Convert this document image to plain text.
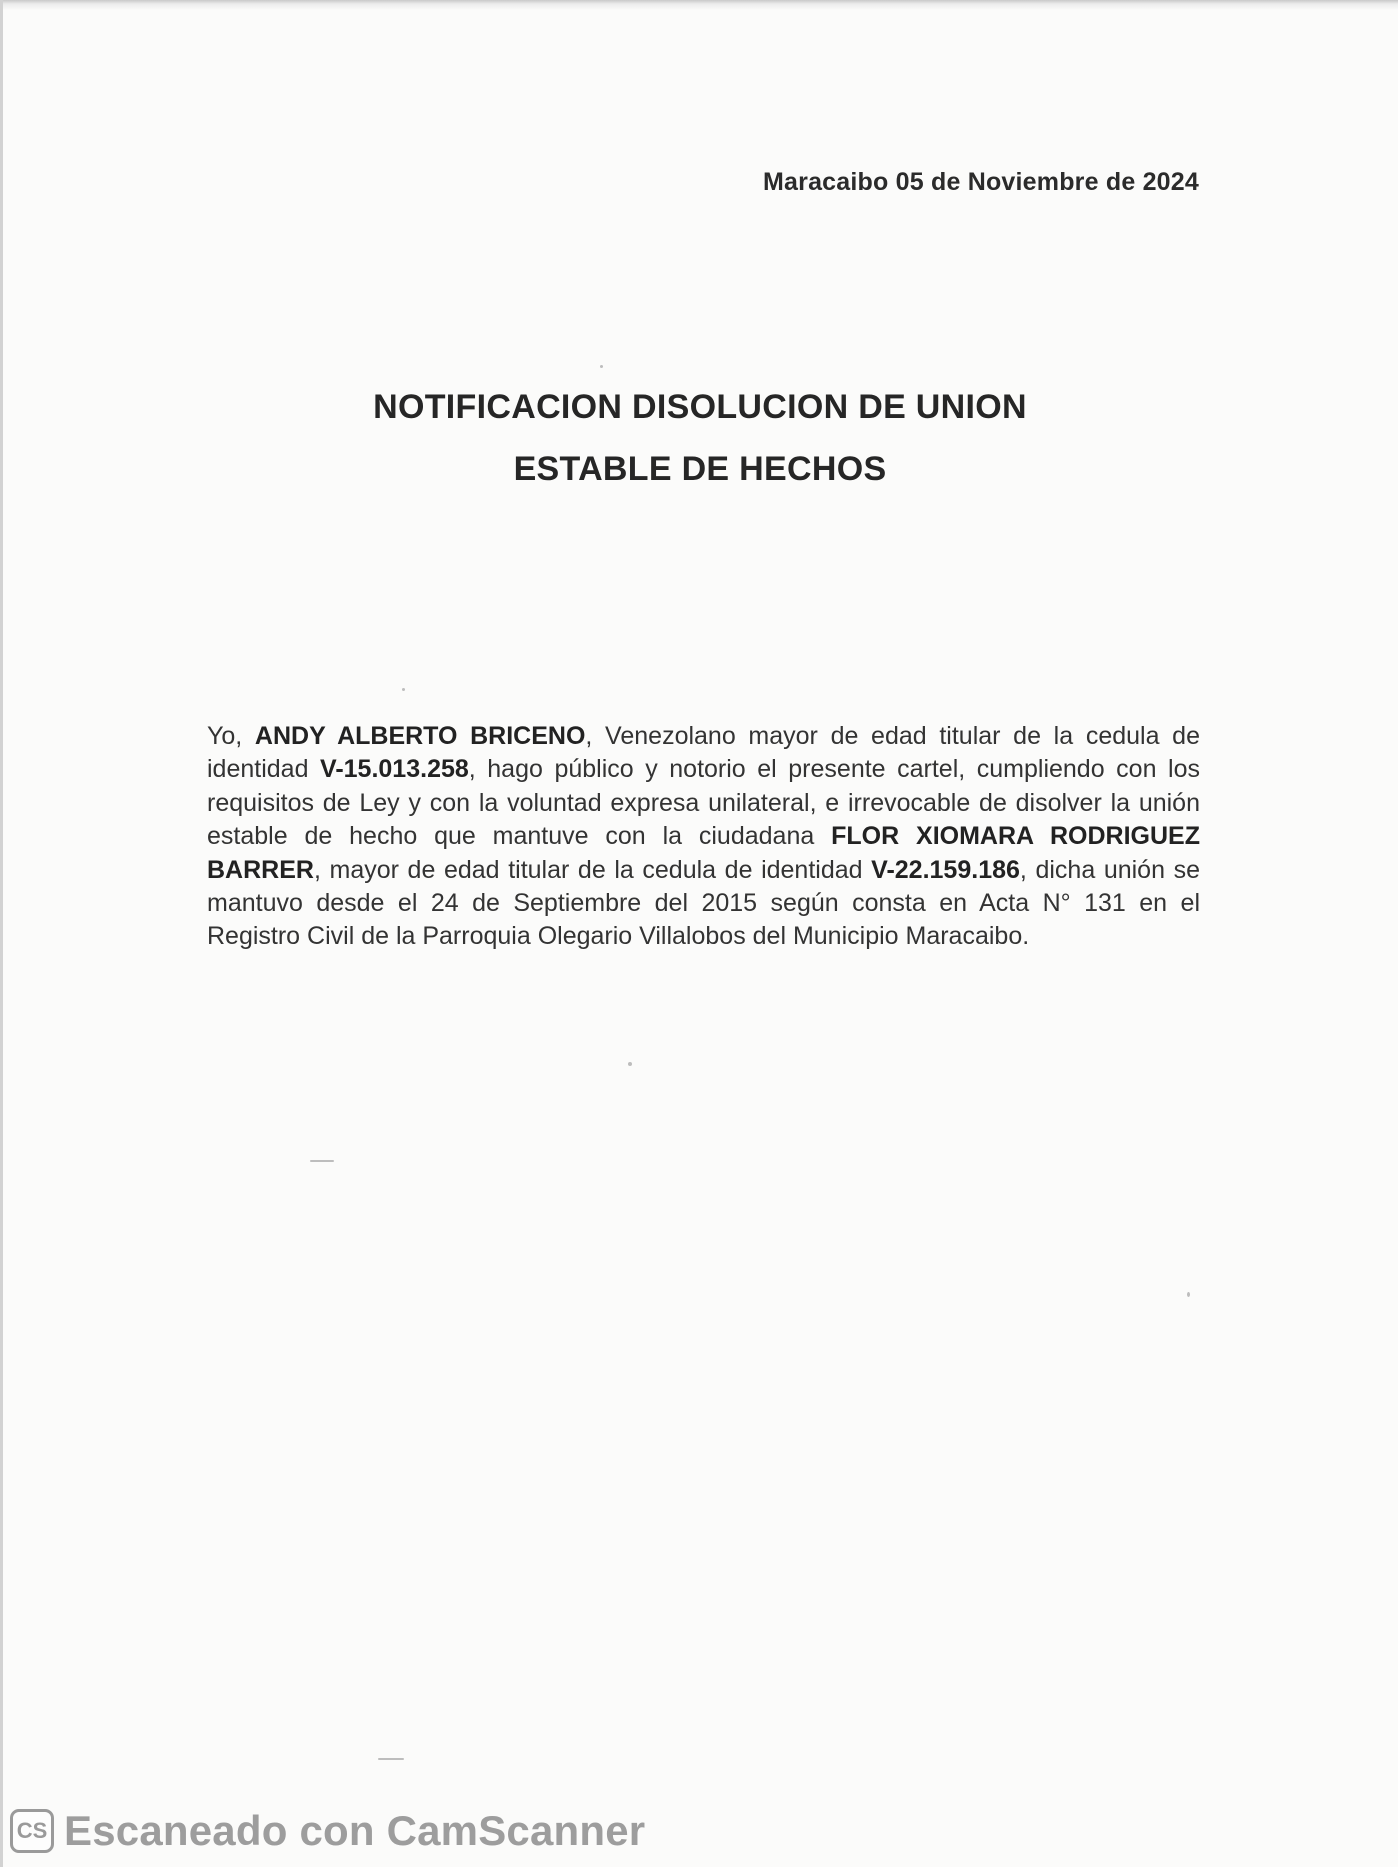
Maracaibo 05 de Noviembre de 2024
NOTIFICACION DISOLUCION DE UNION
ESTABLE DE HECHOS

Yo, ANDY ALBERTO BRICENO, Venezolano mayor de edad titular de la cedula de identidad V-15.013.258, hago público y notorio el presente cartel, cumpliendo con los requisitos de Ley y con la voluntad expresa unilateral, e irrevocable de disolver la unión estable de hecho que mantuve con la ciudadana FLOR XIOMARA RODRIGUEZ BARRER, mayor de edad titular de la cedula de identidad V-22.159.186, dicha unión se mantuvo desde el 24 de Septiembre del 2015 según consta en Acta N° 131 en el Registro Civil de la Parroquia Olegario Villalobos del Municipio Maracaibo.

CS Escaneado con CamScanner
